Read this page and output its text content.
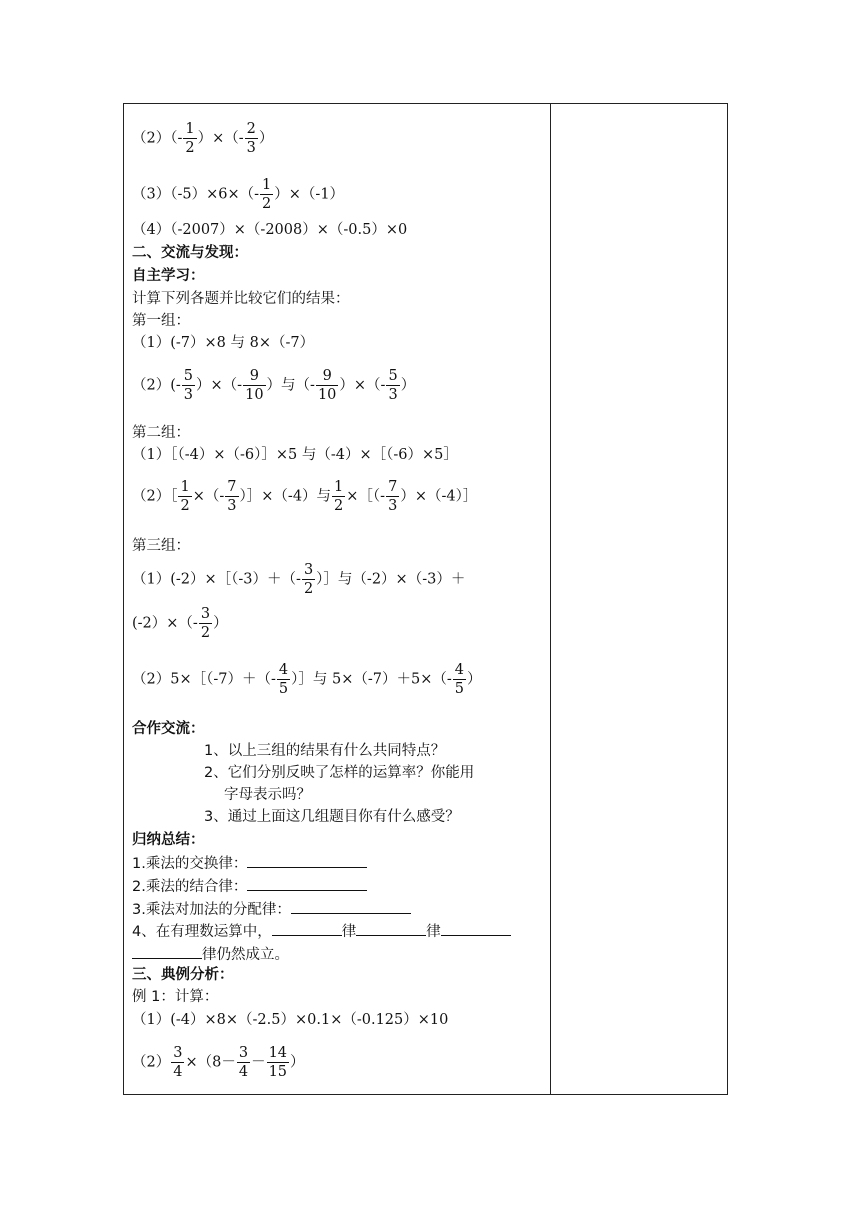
$(2)(- \frac{1}{2}$ ）×（- $\frac{2}{3}$ ）
$(3)(-5)\times 6\times(- \frac{1}{2} )\times(-1)$
（4）（-2007）×（-2008）×（-0.5）×0
二、交流与发现：
自主学习：
计算下列各题并比较它们的结果：
第一组：
（1）(-7）×8 与 8×（-7）
$(2)(- \frac{5}{3}$ ）×（- $\frac{9}{10}$ ）与（- $\frac{9}{10}$ ）×（- $\frac{5}{3}$ ）
第二组：
（1）［（-4）×（-6）］×5 与（-4）×［（-6）×5］
（2）［ $\frac{1}{2}$ ×（- $\frac{7}{3}$ ）］×（-4）与 $\frac{1}{2}$ ×［（- $\frac{7}{3}$ ）×（-4）］
第三组：
（1）(-2）×［（-3）＋（- $\frac{3}{2}$ ）］与（-2）×（-3）＋
$(-2)\times(- \frac{3}{2}$ ）
（2）5×［（-7）＋（- $\frac{4}{5}$ ）］与 $5\times(-7)+5\times(- \frac{4}{5}$ ）
合作交流：
1、以上三组的结果有什么共同特点？
2、它们分别反映了怎样的运算率？你能用
字母表示吗？
3、通过上面这几组题目你有什么感受？
归纳总结：
1.乘法的交换律：
2.乘法的结合律：
3.乘法对加法的分配律：
4、在有理数运算中，	律	律
律仍然成立。
三、典例分析：
例 1：计算：
（1）(-4）×8×（-2.5）×0.1×（-0.125）×10
$(2) \frac{3}{4} \times(8- \frac{3}{4} - \frac{14}{15}$ ）
